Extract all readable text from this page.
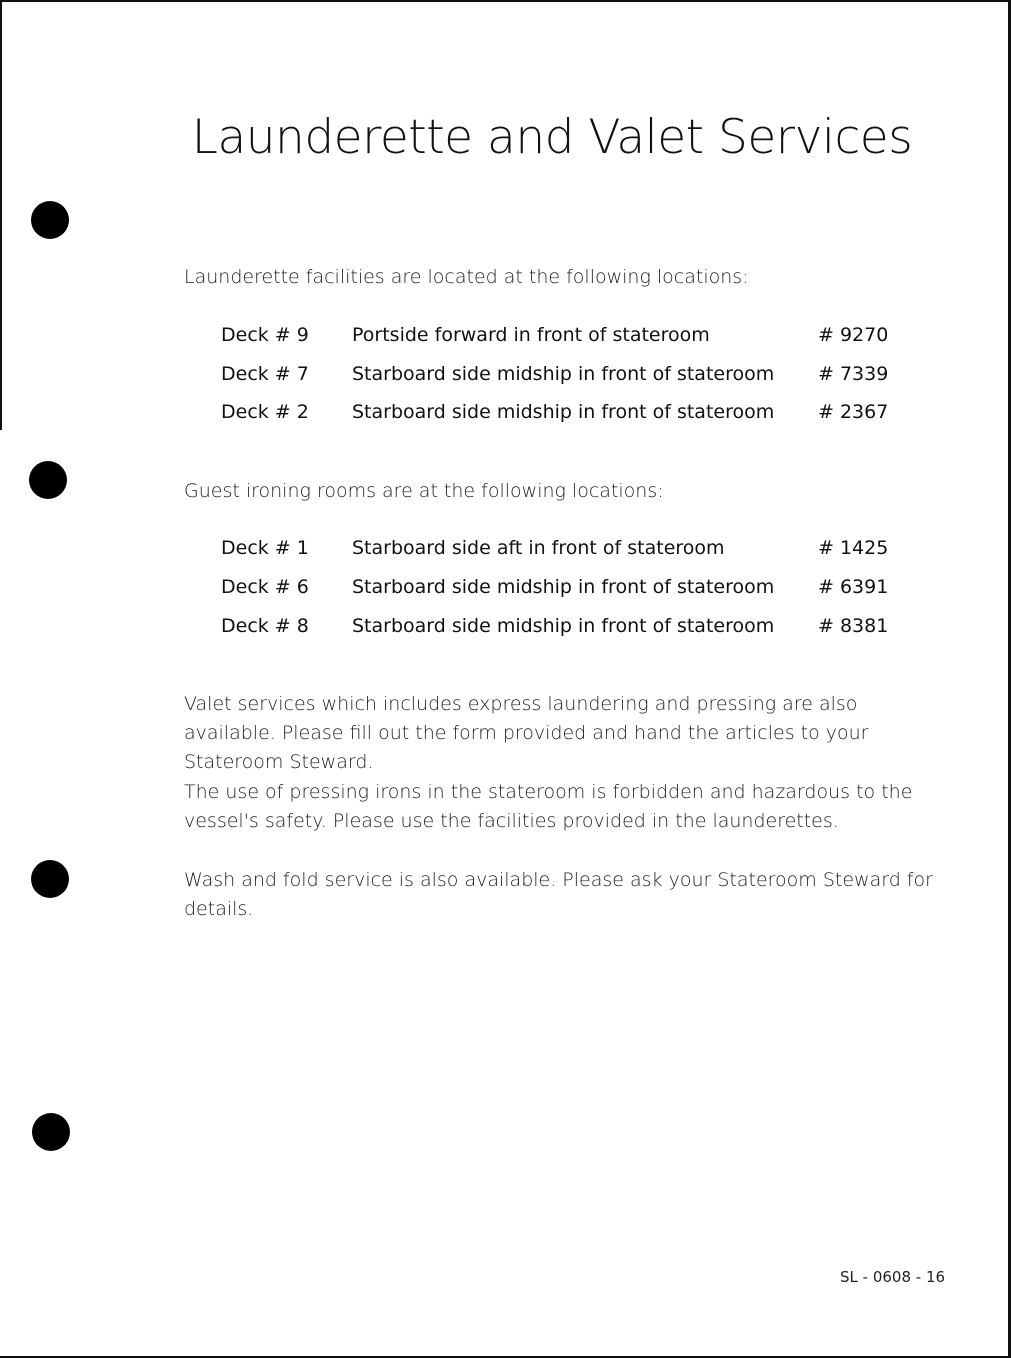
Launderette and Valet Services
Launderette facilities are located at the following locations:
Deck # 9 Portside forward in front of stateroom	# 9270
Deck # 7 Starboard side midship in front of stateroom # 7339
Deck # 2 Starboard side midship in front of stateroom # 2367
Guest ironing rooms are at the following locations:
Deck # 1 Starboard side aft in front of stateroom	# 1425
Deck # 6 Starboard side midship in front of stateroom # 6391
Deck # 8 Starboard side midship in front of stateroom # 8381
Valet services which includes express laundering and pressing are also available. Please fill out the form provided and hand the articles to your Stateroom Steward.
The use of pressing irons in the stateroom is forbidden and hazardous to the vessel's safety. Please use the facilities provided in the launderettes.
Wash and fold service is also available. Please ask your Stateroom Steward for details.
SL - 0608 - 16
